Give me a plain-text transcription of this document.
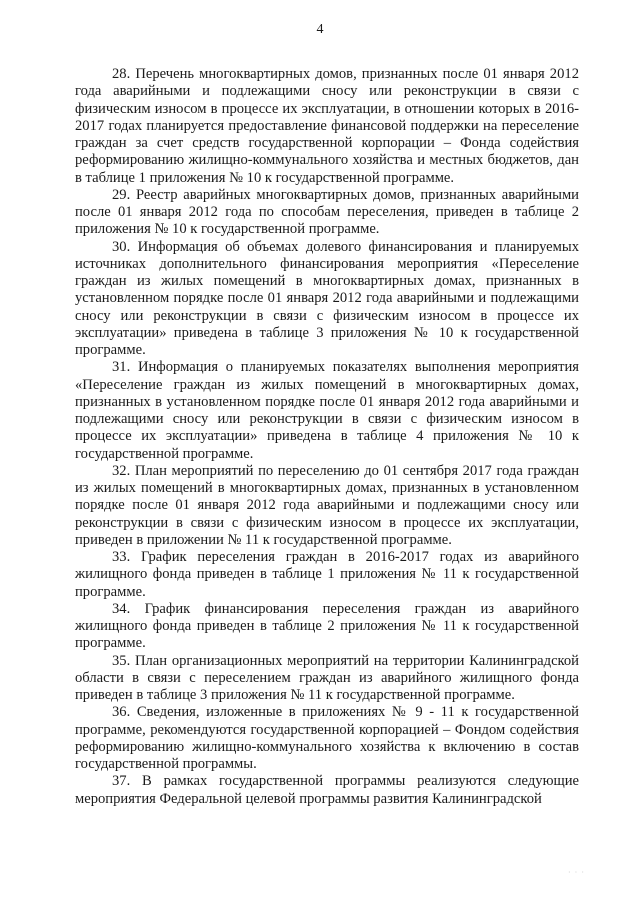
4

28. Перечень многоквартирных домов, признанных после 01 января 2012 года аварийными и подлежащими сносу или реконструкции в связи с физическим износом в процессе их эксплуатации, в отношении которых в 2016-2017 годах планируется предоставление финансовой поддержки на переселение граждан за счет средств государственной корпорации – Фонда содействия реформированию жилищно-коммунального хозяйства и местных бюджетов, дан в таблице 1 приложения № 10 к государственной программе.

29. Реестр аварийных многоквартирных домов, признанных аварийными после 01 января 2012 года по способам переселения, приведен в таблице 2 приложения № 10 к государственной программе.

30. Информация об объемах долевого финансирования и планируемых источниках дополнительного финансирования мероприятия «Переселение граждан из жилых помещений в многоквартирных домах, признанных в установленном порядке после 01 января 2012 года аварийными и подлежащими сносу или реконструкции в связи с физическим износом в процессе их эксплуатации» приведена в таблице 3 приложения № 10 к государственной программе.

31. Информация о планируемых показателях выполнения мероприятия «Переселение граждан из жилых помещений в многоквартирных домах, признанных в установленном порядке после 01 января 2012 года аварийными и подлежащими сносу или реконструкции в связи с физическим износом в процессе их эксплуатации» приведена в таблице 4 приложения № 10 к государственной программе.

32. План мероприятий по переселению до 01 сентября 2017 года граждан из жилых помещений в многоквартирных домах, признанных в установленном порядке после 01 января 2012 года аварийными и подлежащими сносу или реконструкции в связи с физическим износом в процессе их эксплуатации, приведен в приложении № 11 к государственной программе.

33. График переселения граждан в 2016-2017 годах из аварийного жилищного фонда приведен в таблице 1 приложения № 11 к государственной программе.

34. График финансирования переселения граждан из аварийного жилищного фонда приведен в таблице 2 приложения № 11 к государственной программе.

35. План организационных мероприятий на территории Калининградской области в связи с переселением граждан из аварийного жилищного фонда приведен в таблице 3 приложения № 11 к государственной программе.

36. Сведения, изложенные в приложениях № 9 - 11 к государственной программе, рекомендуются государственной корпорацией – Фондом содействия реформированию жилищно-коммунального хозяйства к включению в состав государственной программы.

37. В рамках государственной программы реализуются следующие мероприятия Федеральной целевой программы развития Калининградской

· · ·
